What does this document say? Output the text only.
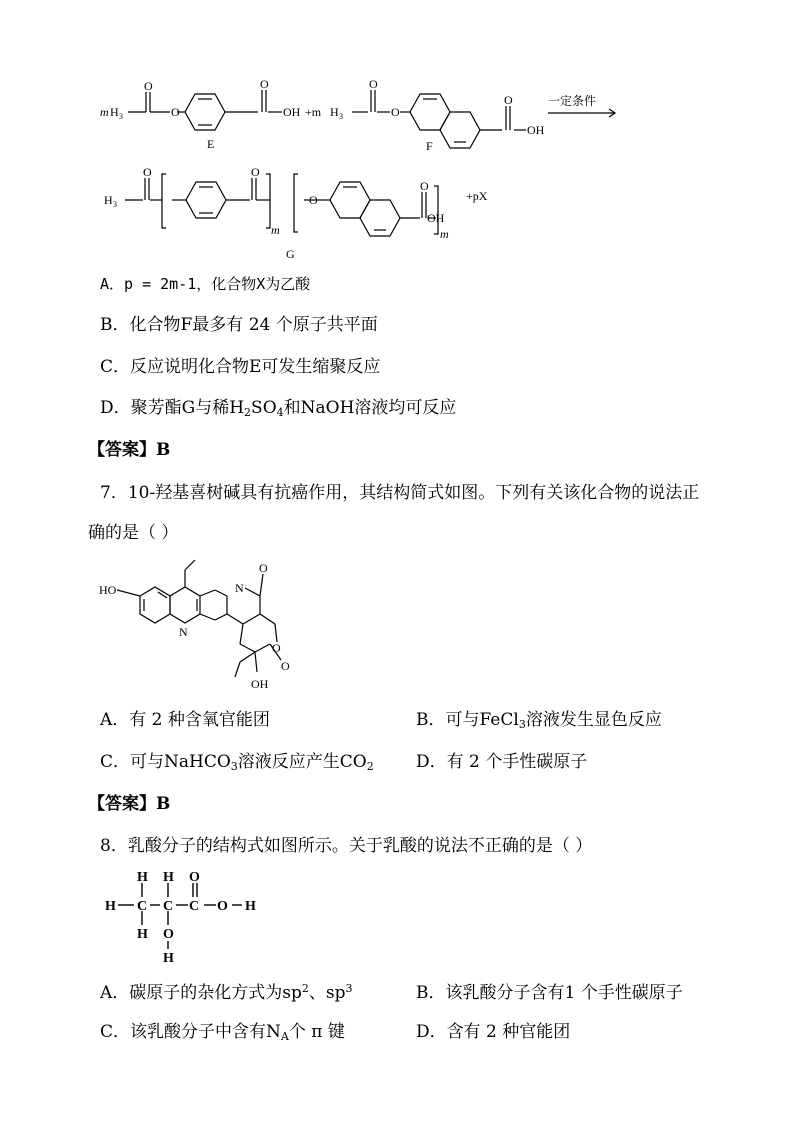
m H 3
O
O
O
OH +m H 3
O
O
O
OH
E	F
一定条件
H 3
O	O
m
O
O
OH
m
+pX
G
A．p = 2m-1，化合物X为乙酸
B．化合物F最多有 24 个原子共平面
C．反应说明化合物E可发生缩聚反应
D．聚芳酯G与稀$H_2SO_4$和NaOH溶液均可反应
【答案】B
7．10-羟基喜树碱具有抗癌作用，其结构简式如图。下列有关该化合物的说法正
确的是（ ）
HO
N
N
O
O
O
OH
A．有 2 种含氧官能团	B．可与FeCl$_3$溶液发生显色反应
C．可与NaHCO$_3$溶液反应产生$CO_2$ D．有 2 个手性碳原子
【答案】B
8．乳酸分子的结构式如图所示。关于乳酸的说法不正确的是（ ）
H
H
C
H
H
C
O
H
O
C O H
A．碳原子的杂化方式为$sp^2$、$sp^3$	B．该乳酸分子含有1 个手性碳原子
C．该乳酸分子中含有$N_A$个 π 键	D．含有 2 种官能团
